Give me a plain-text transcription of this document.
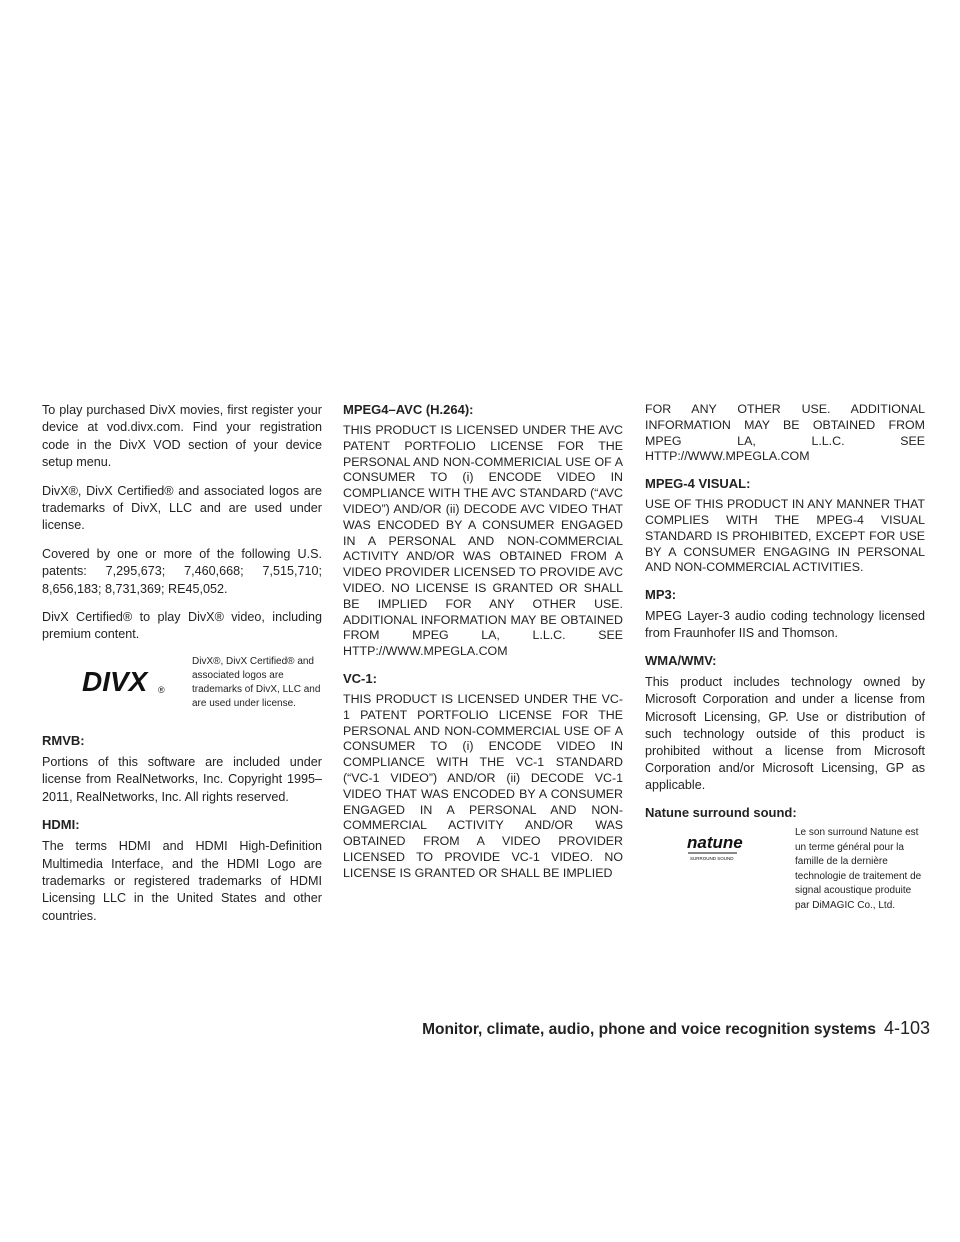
To play purchased DivX movies, first register your device at vod.divx.com. Find your registration code in the DivX VOD section of your device setup menu.

DivX®, DivX Certified® and associated logos are trademarks of DivX, LLC and are used under license.

Covered by one or more of the following U.S. patents: 7,295,673; 7,460,668; 7,515,710; 8,656,183; 8,731,369; RE45,052.

DivX Certified® to play DivX® video, including premium content.

DIVX ®
DivX®, DivX Certified® and associated logos are trademarks of DivX, LLC and are used under license.
RMVB:

Portions of this software are included under license from RealNetworks, Inc. Copyright 1995–2011, RealNetworks, Inc. All rights reserved.

HDMI:

The terms HDMI and HDMI High-Definition Multimedia Interface, and the HDMI Logo are trademarks or registered trademarks of HDMI Licensing LLC in the United States and other countries.

MPEG4–AVC (H.264):

THIS PRODUCT IS LICENSED UNDER THE AVC PATENT PORTFOLIO LICENSE FOR THE PERSONAL AND NON-COMMERICIAL USE OF A CONSUMER TO (i) ENCODE VIDEO IN COMPLIANCE WITH THE AVC STANDARD (“AVC VIDEO”) AND/OR (ii) DECODE AVC VIDEO THAT WAS ENCODED BY A CONSUMER ENGAGED IN A PERSONAL AND NON-COMMERCIAL ACTIVITY AND/OR WAS OBTAINED FROM A VIDEO PROVIDER LICENSED TO PROVIDE AVC VIDEO. NO LICENSE IS GRANTED OR SHALL BE IMPLIED FOR ANY OTHER USE. ADDITIONAL INFORMATION MAY BE OBTAINED FROM MPEG LA, L.L.C. SEE HTTP://WWW.MPEGLA.COM

VC-1:

THIS PRODUCT IS LICENSED UNDER THE VC-1 PATENT PORTFOLIO LICENSE FOR THE PERSONAL AND NON-COMMERCIAL USE OF A CONSUMER TO (i) ENCODE VIDEO IN COMPLIANCE WITH THE VC-1 STANDARD (“VC-1 VIDEO”) AND/OR (ii) DECODE VC-1 VIDEO THAT WAS ENCODED BY A CONSUMER ENGAGED IN A PERSONAL AND NON-COMMERCIAL ACTIVITY AND/OR WAS OBTAINED FROM A VIDEO PROVIDER LICENSED TO PROVIDE VC-1 VIDEO. NO LICENSE IS GRANTED OR SHALL BE IMPLIED

FOR ANY OTHER USE. ADDITIONAL INFORMATION MAY BE OBTAINED FROM MPEG LA, L.L.C. SEE HTTP://WWW.MPEGLA.COM

MPEG-4 VISUAL:

USE OF THIS PRODUCT IN ANY MANNER THAT COMPLIES WITH THE MPEG-4 VISUAL STANDARD IS PROHIBITED, EXCEPT FOR USE BY A CONSUMER ENGAGING IN PERSONAL AND NON-COMMERCIAL ACTIVITIES.

MP3:

MPEG Layer-3 audio coding technology licensed from Fraunhofer IIS and Thomson.

WMA/WMV:

This product includes technology owned by Microsoft Corporation and under a license from Microsoft Licensing, GP. Use or distribution of such technology outside of this product is prohibited without a license from Microsoft Corporation and/or Microsoft Licensing, GP as applicable.

Natune surround sound:
natune
SURROUND SOUND
Le son surround Natune est un terme général pour la famille de la dernière technologie de traitement de signal acoustique produite par DiMAGIC Co., Ltd.
Monitor, climate, audio, phone and voice recognition systems 4-103
